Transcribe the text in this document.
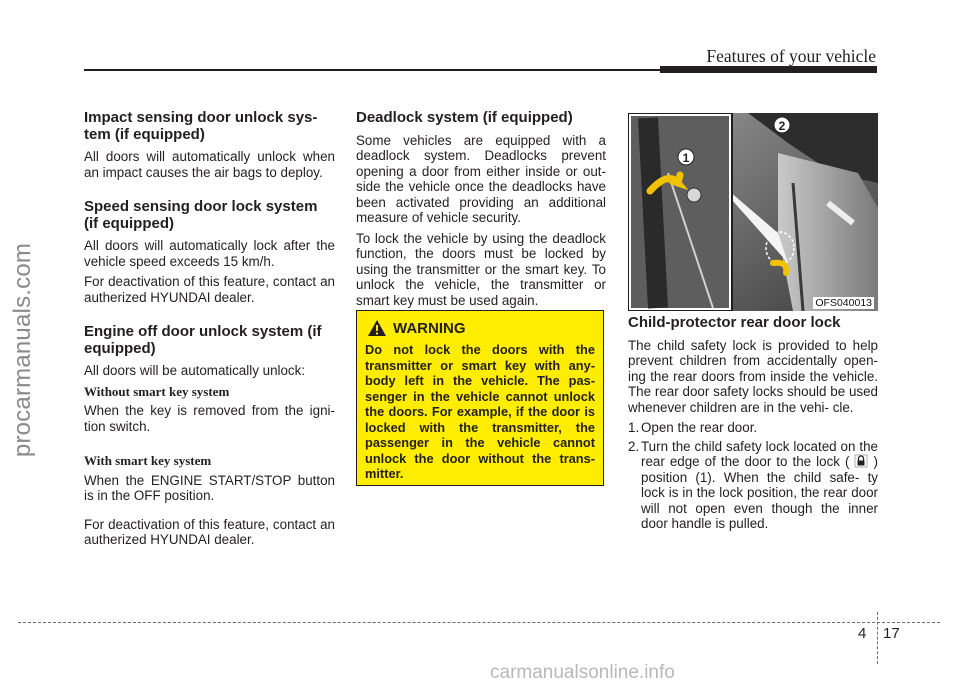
Features of your vehicle
procarmanuals.com
Impact sensing door unlock sys- tem (if equipped)

All doors will automatically unlock when an impact causes the air bags to deploy.

Speed sensing door lock system (if equipped)

All doors will automatically lock after the vehicle speed exceeds 15 km/h.

For deactivation of this feature, contact an autherized HYUNDAI dealer.

Engine off door unlock system (if equipped)

All doors will be automatically unlock:

Without smart key system

When the key is removed from the igni- tion switch.

With smart key system

When the ENGINE START/STOP button is in the OFF position.

For deactivation of this feature, contact an autherized HYUNDAI dealer.

Deadlock system (if equipped)

Some vehicles are equipped with a deadlock system. Deadlocks prevent opening a door from either inside or out- side the vehicle once the deadlocks have been activated providing an additional measure of vehicle security.

To lock the vehicle by using the deadlock function, the doors must be locked by using the transmitter or the smart key. To unlock the vehicle, the transmitter or smart key must be used again.

WARNING
Do not lock the doors with the transmitter or smart key with any- body left in the vehicle. The pas- senger in the vehicle cannot unlock the doors. For example, if the door is locked with the transmitter, the passenger in the vehicle cannot unlock the door without the trans- mitter.
1
2
OFS040013
Child-protector rear door lock

The child safety lock is provided to help prevent children from accidentally open- ing the rear doors from inside the vehicle. The rear door safety locks should be used whenever children are in the vehi- cle.

1. Open the rear door.
2. Turn the child safety lock located on the rear edge of the door to the lock ( ) position (1). When the child safe- ty lock is in the lock position, the rear door will not open even though the inner door handle is pulled.
4 17
carmanualsonline.info
